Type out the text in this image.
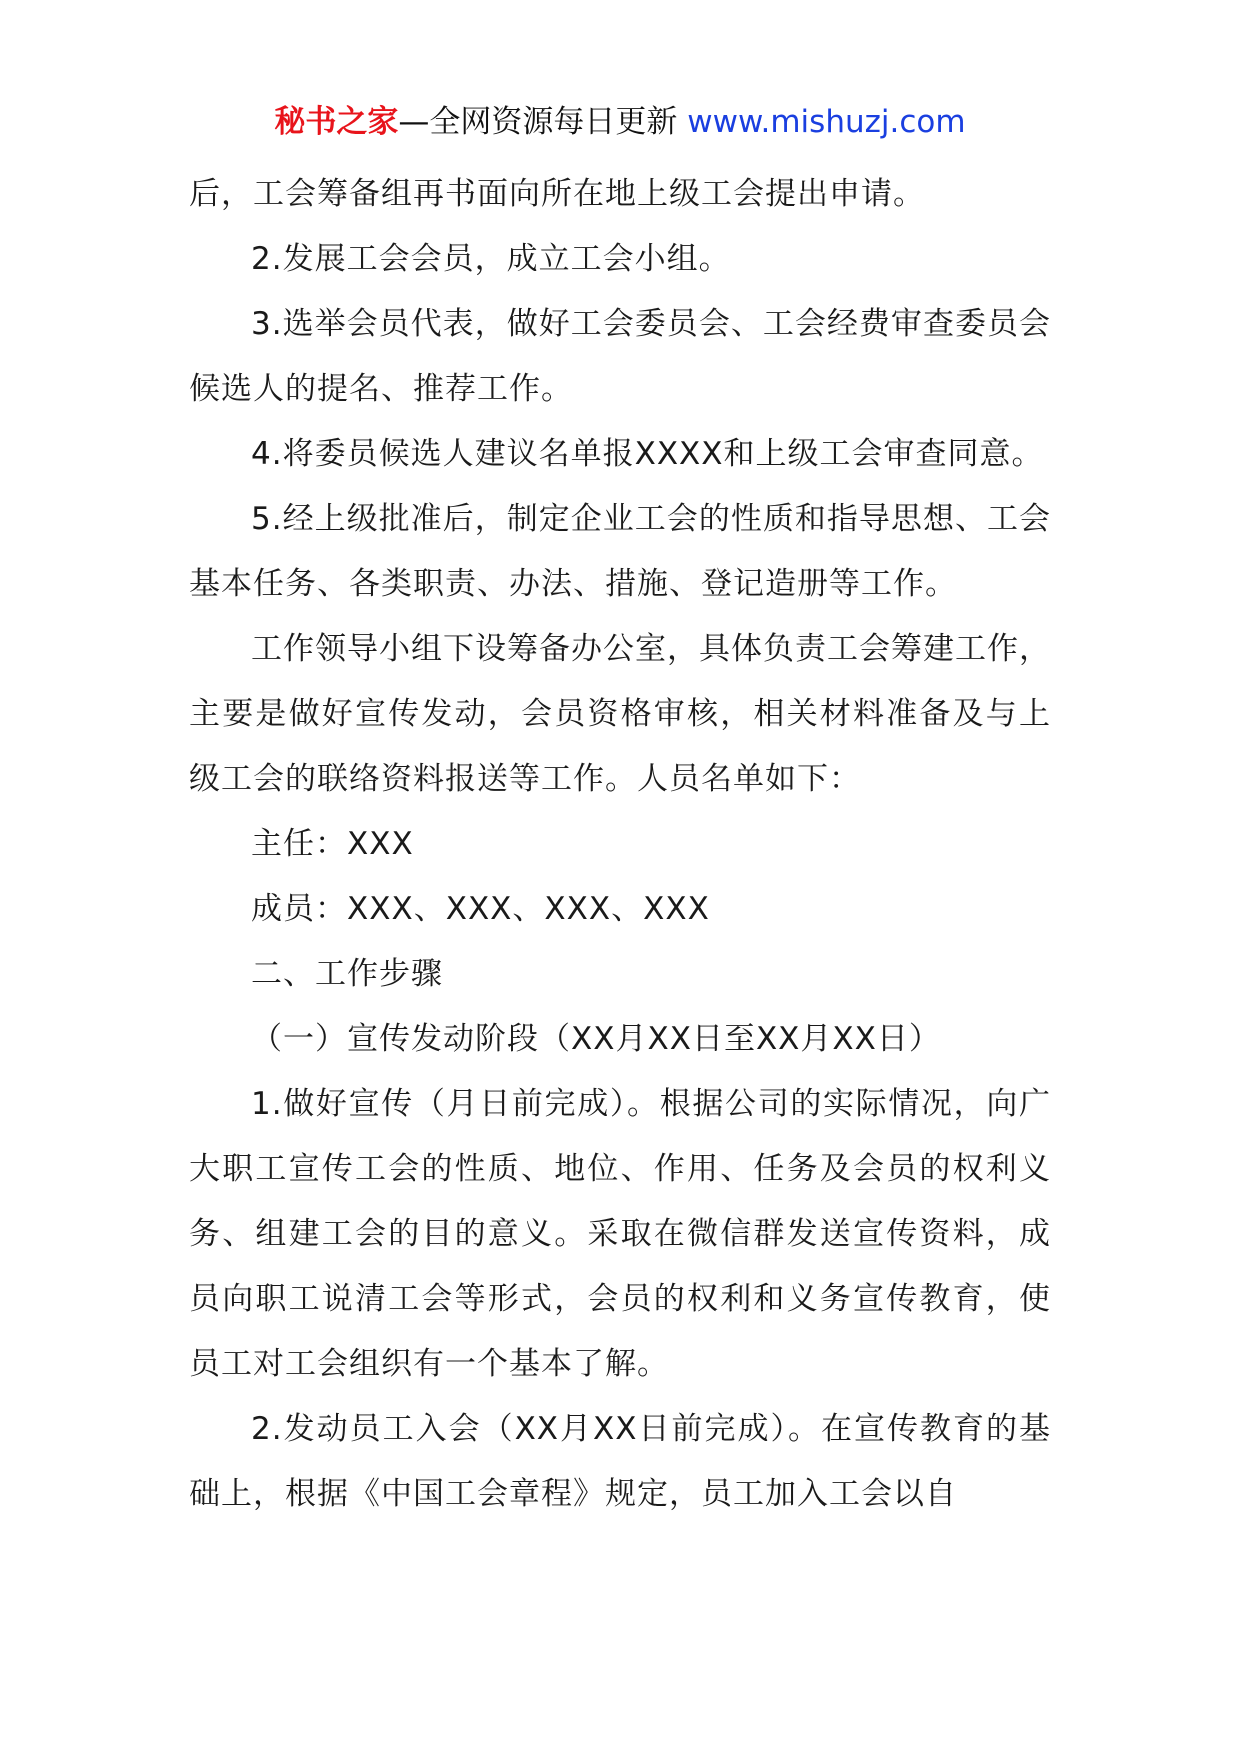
秘书之家—全网资源每日更新 www.mishuzj.com

后，工会筹备组再书面向所在地上级工会提出申请。

2.发展工会会员，成立工会小组。

3.选举会员代表，做好工会委员会、工会经费审查委员会候选人的提名、推荐工作。

4.将委员候选人建议名单报XXXX和上级工会审查同意。

5.经上级批准后，制定企业工会的性质和指导思想、工会基本任务、各类职责、办法、措施、登记造册等工作。

工作领导小组下设筹备办公室，具体负责工会筹建工作，主要是做好宣传发动，会员资格审核，相关材料准备及与上级工会的联络资料报送等工作。人员名单如下：

主任：XXX

成员：XXX、XXX、XXX、XXX

二、工作步骤

（一）宣传发动阶段（XX月XX日至XX月XX日）

1.做好宣传（月日前完成）。根据公司的实际情况，向广大职工宣传工会的性质、地位、作用、任务及会员的权利义务、组建工会的目的意义。采取在微信群发送宣传资料，成员向职工说清工会等形式，会员的权利和义务宣传教育，使员工对工会组织有一个基本了解。

2.发动员工入会（XX月XX日前完成）。在宣传教育的基础上，根据《中国工会章程》规定，员工加入工会以自
